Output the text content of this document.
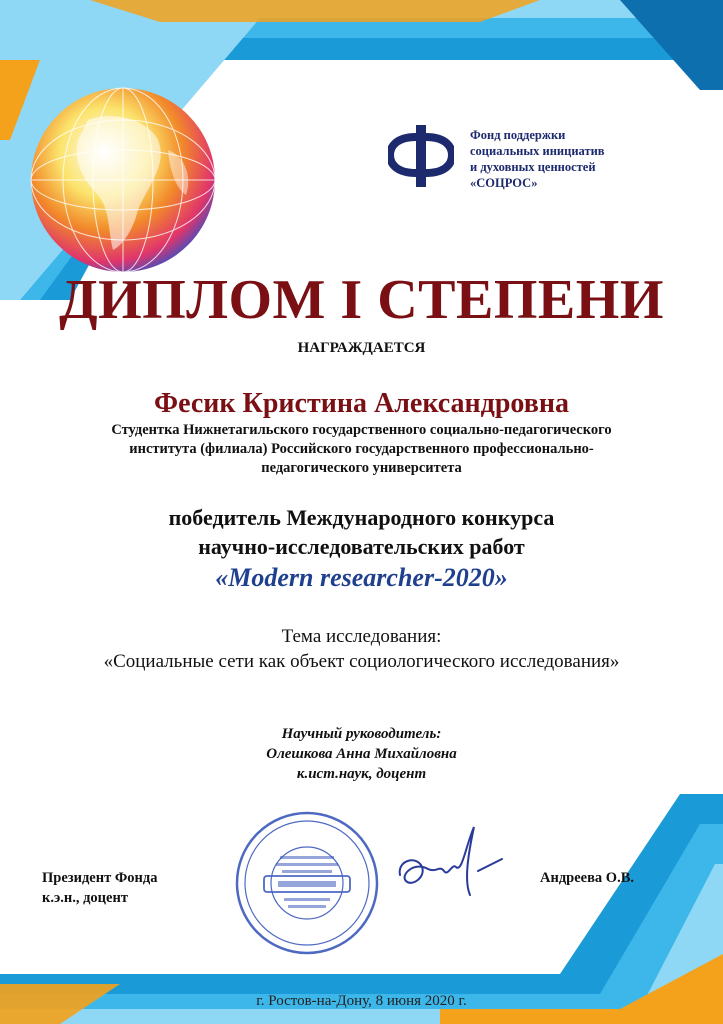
Фонд поддержки
социальных инициатив
и духовных ценностей
«СОЦРОС»
ДИПЛОМ I СТЕПЕНИ
НАГРАЖДАЕТСЯ
Фесик Кристина Александровна
Студентка Нижнетагильского государственного социально-педагогического
института (филиала) Российского государственного профессионально-
педагогического университета
победитель Международного конкурса
научно-исследовательских работ
«Modern researcher-2020»
Тема исследования:
«Социальные сети как объект социологического исследования»
Научный руководитель:
Олешкова Анна Михайловна
к.ист.наук, доцент
Президент Фонда
к.э.н., доцент
Андреева О.В.
г. Ростов-на-Дону, 8 июня 2020 г.
